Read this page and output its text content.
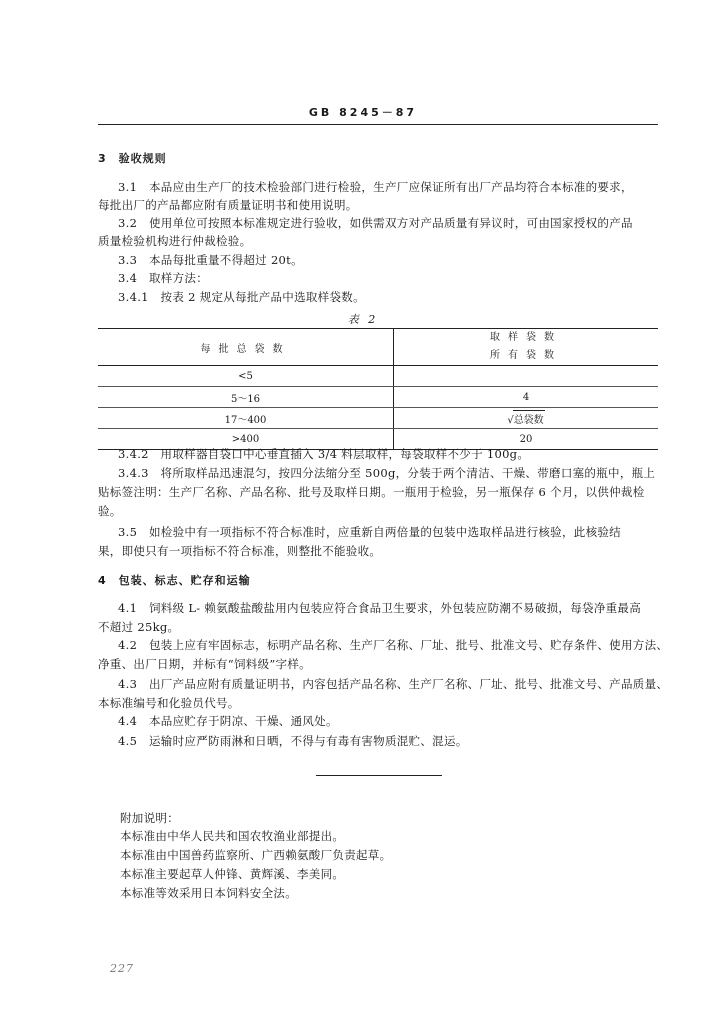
GB 8245－87
3　验收规则
3.1　本品应由生产厂的技术检验部门进行检验，生产厂应保证所有出厂产品均符合本标准的要求，
每批出厂的产品都应附有质量证明书和使用说明。
3.2　使用单位可按照本标准规定进行验收，如供需双方对产品质量有异议时，可由国家授权的产品
质量检验机构进行仲裁检验。
3.3　本品每批重量不得超过 20t。
3.4　取样方法：
3.4.1　按表 2 规定从每批产品中选取样袋数。
表 2
每批总袋数	取样袋数
所有袋数

<5	
5～16	4
17～400	√总袋数
>400	20
3.4.2　用取样器自袋口中心垂直插入 3/4 料层取样，每袋取样不少于 100g。
3.4.3　将所取样品迅速混匀，按四分法缩分至 500g，分装于两个清洁、干燥、带磨口塞的瓶中，瓶上
贴标签注明：生产厂名称、产品名称、批号及取样日期。一瓶用于检验，另一瓶保存 6 个月，以供仲裁检
验。
3.5　如检验中有一项指标不符合标准时，应重新自两倍量的包装中选取样品进行核验，此核验结
果，即使只有一项指标不符合标准，则整批不能验收。
4　包装、标志、贮存和运输
4.1　饲料级 L- 赖氨酸盐酸盐用内包装应符合食品卫生要求，外包装应防潮不易破损，每袋净重最高
不超过 25kg。
4.2　包装上应有牢固标志，标明产品名称、生产厂名称、厂址、批号、批准文号、贮存条件、使用方法、
净重、出厂日期，并标有“饲料级”字样。
4.3　出厂产品应附有质量证明书，内容包括产品名称、生产厂名称、厂址、批号、批准文号、产品质量、
本标准编号和化验员代号。
4.4　本品应贮存于阴凉、干燥、通风处。
4.5　运输时应严防雨淋和日晒，不得与有毒有害物质混贮、混运。
附加说明：
本标准由中华人民共和国农牧渔业部提出。
本标准由中国兽药监察所、广西赖氨酸厂负责起草。
本标准主要起草人仲锋、黄辉溪、李美同。
本标准等效采用日本饲料安全法。
227
